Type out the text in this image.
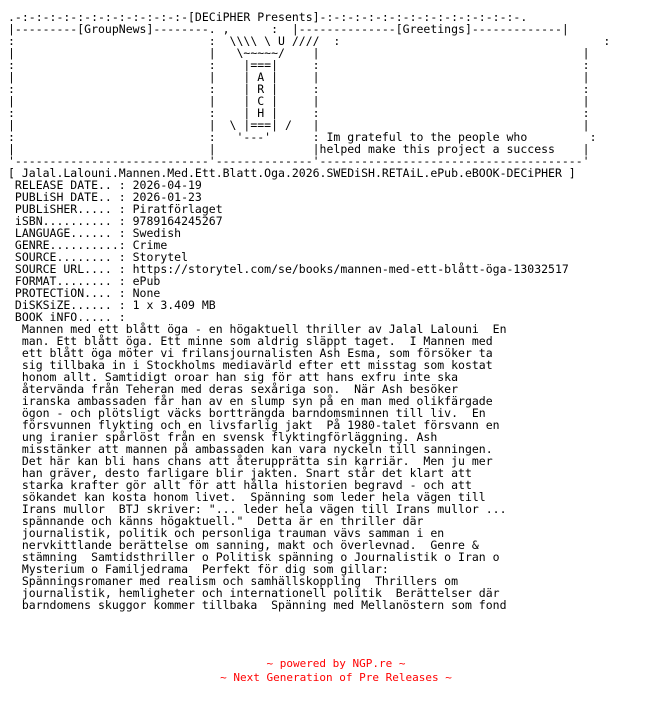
.-:-:-:-:-:-:-:-:-:-:-:-:-[DECiPHER Presents]-:-:-:-:-:-:-:-:-:-:-:-:-:-:-.
|---------[GroupNews]--------. ,      :  |--------------[Greetings]-------------|
:                            :  \\\\ \ U ////  :                                      :
|                            |   \~~~~~/    |                                      |
:                            :    |===|     :                                      :
|                            |    | A |     |                                      |
:                            :    | R |     :                                      :
|                            |    | C |     |                                      |
:                            :    | H |     :                                      :
|                            |  \ |===| /   |                                      |
:                            :   '---'      : Im grateful to the people who         :
|                            |              |helped make this project a success    |
'----------------------------'--------------'--------------------------------------'
[ Jalal.Lalouni.Mannen.Med.Ett.Blatt.Oga.2026.SWEDiSH.RETAiL.ePub.eBOOK-DECiPHER ]
RELEASE DATE.. : 2026-04-19
PUBLiSH DATE.. : 2026-01-23
PUBLiSHER..... : Piratförlaget
iSBN.......... : 9789164245267
LANGUAGE...... : Swedish
GENRE..........: Crime
SOURCE........ : Storytel
SOURCE URL.... : https://storytel.com/se/books/mannen-med-ett-blått-öga-13032517
FORMAT........ : ePub
PROTECTiON.... : None
DiSKSiZE...... : 1 x 3.409 MB
BOOK iNFO..... :
Mannen med ett blått öga - en högaktuell thriller av Jalal Lalouni  En
man. Ett blått öga. Ett minne som aldrig släppt taget.  I Mannen med
ett blått öga möter vi frilansjournalisten Ash Esma, som försöker ta
sig tillbaka in i Stockholms mediavärld efter ett misstag som kostat
honom allt. Samtidigt oroar han sig för att hans exfru inte ska
återvända från Teheran med deras sexåriga son.  När Ash besöker
iranska ambassaden får han av en slump syn på en man med olikfärgade
ögon - och plötsligt väcks bortträngda barndomsminnen till liv.  En
försvunnen flykting och en livsfarlig jakt  På 1980-talet försvann en
ung iranier spårlöst från en svensk flyktingförläggning. Ash
misstänker att mannen på ambassaden kan vara nyckeln till sanningen.
Det här kan bli hans chans att återupprätta sin karriär.  Men ju mer
han gräver, desto farligare blir jakten. Snart står det klart att
starka krafter gör allt för att hålla historien begravd - och att
sökandet kan kosta honom livet.  Spänning som leder hela vägen till
Irans mullor  BTJ skriver: "... leder hela vägen till Irans mullor ...
spännande och känns högaktuell."  Detta är en thriller där
journalistik, politik och personliga trauman vävs samman i en
nervkittlande berättelse om sanning, makt och överlevnad.  Genre &
stämning  Samtidsthriller o Politisk spänning o Journalistik o Iran o
Mysterium o Familjedrama  Perfekt för dig som gillar:
Spänningsromaner med realism och samhällskoppling  Thrillers om
journalistik, hemligheter och internationell politik  Berättelser där
barndomens skuggor kommer tillbaka  Spänning med Mellanöstern som fond

~ powered by NGP.re ~
~ Next Generation of Pre Releases ~
